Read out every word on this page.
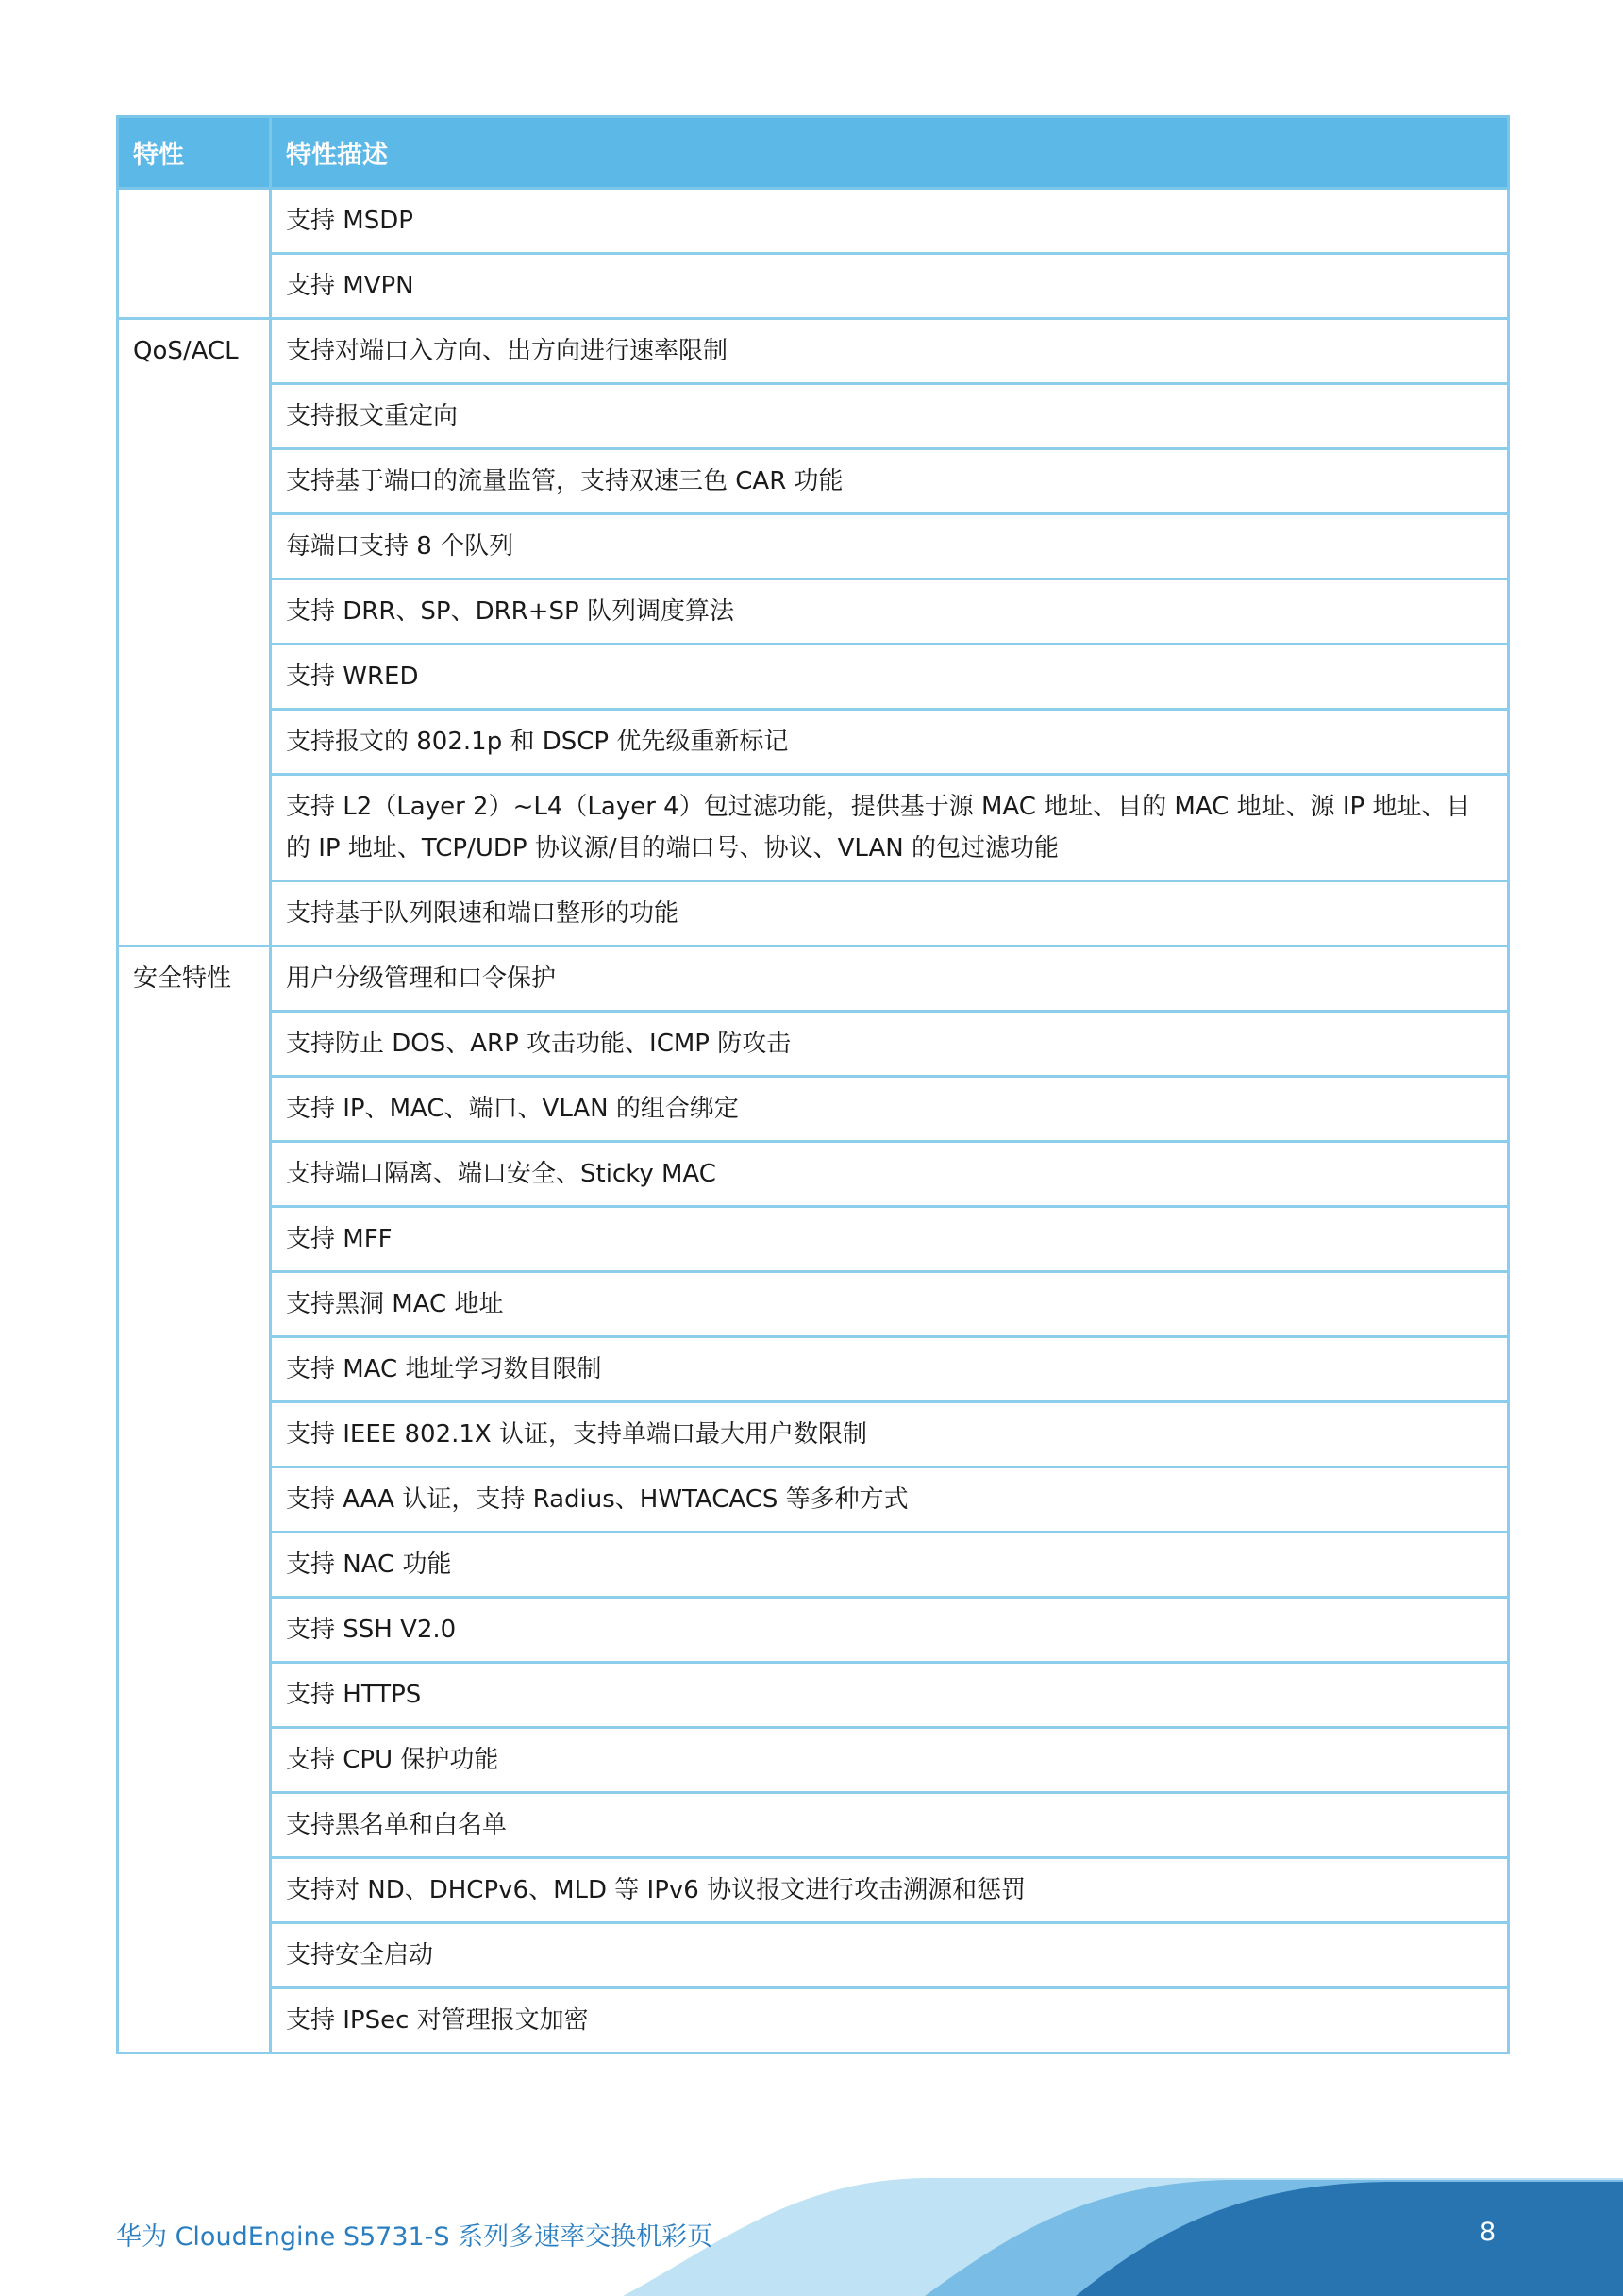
特性	特性描述
	支持 MSDP
	支持 MVPN
QoS/ACL	支持对端口入方向、出方向进行速率限制
	支持报文重定向
	支持基于端口的流量监管，支持双速三色 CAR 功能
	每端口支持 8 个队列
	支持 DRR、SP、DRR+SP 队列调度算法
	支持 WRED
	支持报文的 802.1p 和 DSCP 优先级重新标记
	支持 L2（Layer 2）~L4（Layer 4）包过滤功能，提供基于源 MAC 地址、目的 MAC 地址、源 IP 地址、目的 IP 地址、TCP/UDP 协议源/目的端口号、协议、VLAN 的包过滤功能
	支持基于队列限速和端口整形的功能
安全特性	用户分级管理和口令保护
	支持防止 DOS、ARP 攻击功能、ICMP 防攻击
	支持 IP、MAC、端口、VLAN 的组合绑定
	支持端口隔离、端口安全、Sticky MAC
	支持 MFF
	支持黑洞 MAC 地址
	支持 MAC 地址学习数目限制
	支持 IEEE 802.1X 认证，支持单端口最大用户数限制
	支持 AAA 认证，支持 Radius、HWTACACS 等多种方式
	支持 NAC 功能
	支持 SSH V2.0
	支持 HTTPS
	支持 CPU 保护功能
	支持黑名单和白名单
	支持对 ND、DHCPv6、MLD 等 IPv6 协议报文进行攻击溯源和惩罚
	支持安全启动
	支持 IPSec 对管理报文加密
华为 CloudEngine S5731-S 系列多速率交换机彩页	8
